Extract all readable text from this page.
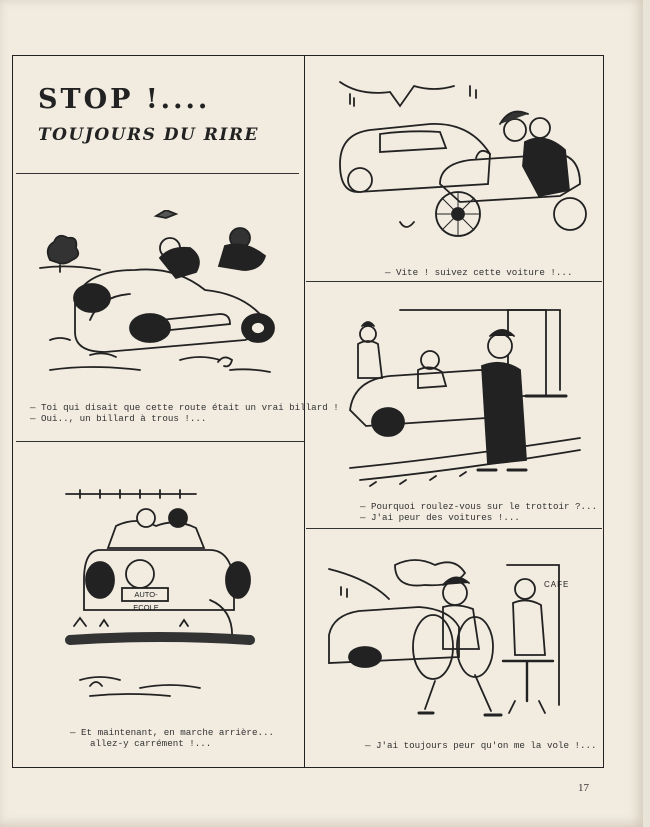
STOP !....
TOUJOURS DU RIRE
— Toi qui disait que cette route était un vrai billard !
— Oui.., un billard à trous !...
— Vite ! suivez cette voiture !...
— Pourquoi roulez-vous sur le trottoir ?...
— J'ai peur des voitures !...
AUTO-ECOLE
— Et maintenant, en marche arrière...
allez-y carrément !...
CAFE
— J'ai toujours peur qu'on me la vole !...
17
